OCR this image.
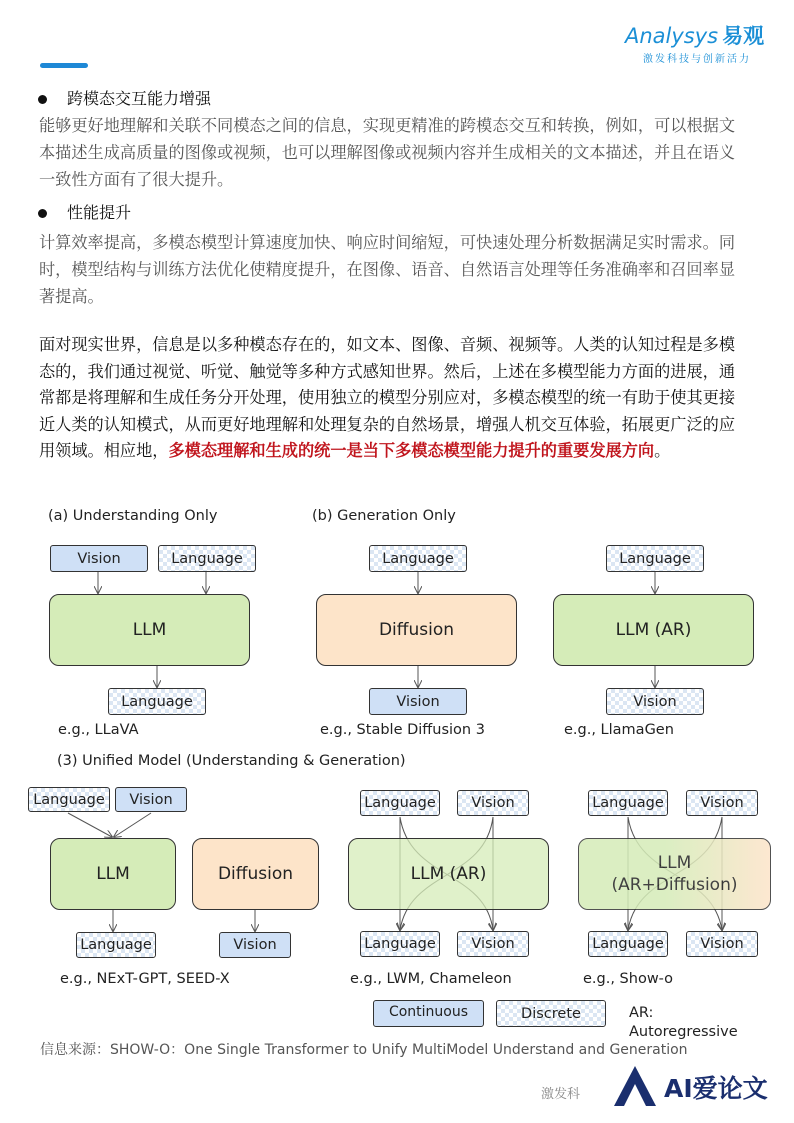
Analysys 易观
激发科技与创新活力
跨模态交互能力增强
能够更好地理解和关联不同模态之间的信息，实现更精准的跨模态交互和转换，例如，可以根据文本描述生成高质量的图像或视频，也可以理解图像或视频内容并生成相关的文本描述，并且在语义一致性方面有了很大提升。
性能提升
计算效率提高，多模态模型计算速度加快、响应时间缩短，可快速处理分析数据满足实时需求。同时，模型结构与训练方法优化使精度提升，在图像、语音、自然语言处理等任务准确率和召回率显著提高。
面对现实世界，信息是以多种模态存在的，如文本、图像、音频、视频等。人类的认知过程是多模态的，我们通过视觉、听觉、触觉等多种方式感知世界。然后，上述在多模型能力方面的进展，通常都是将理解和生成任务分开处理，使用独立的模型分别应对，多模态模型的统一有助于使其更接近人类的认知模式，从而更好地理解和处理复杂的自然场景，增强人机交互体验，拓展更广泛的应用领域。相应地，多模态理解和生成的统一是当下多模态模型能力提升的重要发展方向。
(a) Understanding Only	(b) Generation Only
(3) Unified Model (Understanding & Generation)
Vision	Language
LLM
Language
e.g., LLaVA
Language
Diffusion
Vision
e.g., Stable Diffusion 3
Language
LLM (AR)
Vision
e.g., LlamaGen
Language	Vision
LLM	Diffusion
Language	Vision
e.g., NExT-GPT, SEED-X
Language	Vision
LLM (AR)
Language	Vision
e.g., LWM, Chameleon
Language	Vision
LLM
(AR+Diffusion)
Language	Vision
e.g., Show-o
Continuous	Discrete	AR:
Autoregressive
信息来源：SHOW-O：One Single Transformer to Unify MultiModel Understand and Generation
激发科	AI爱论文
